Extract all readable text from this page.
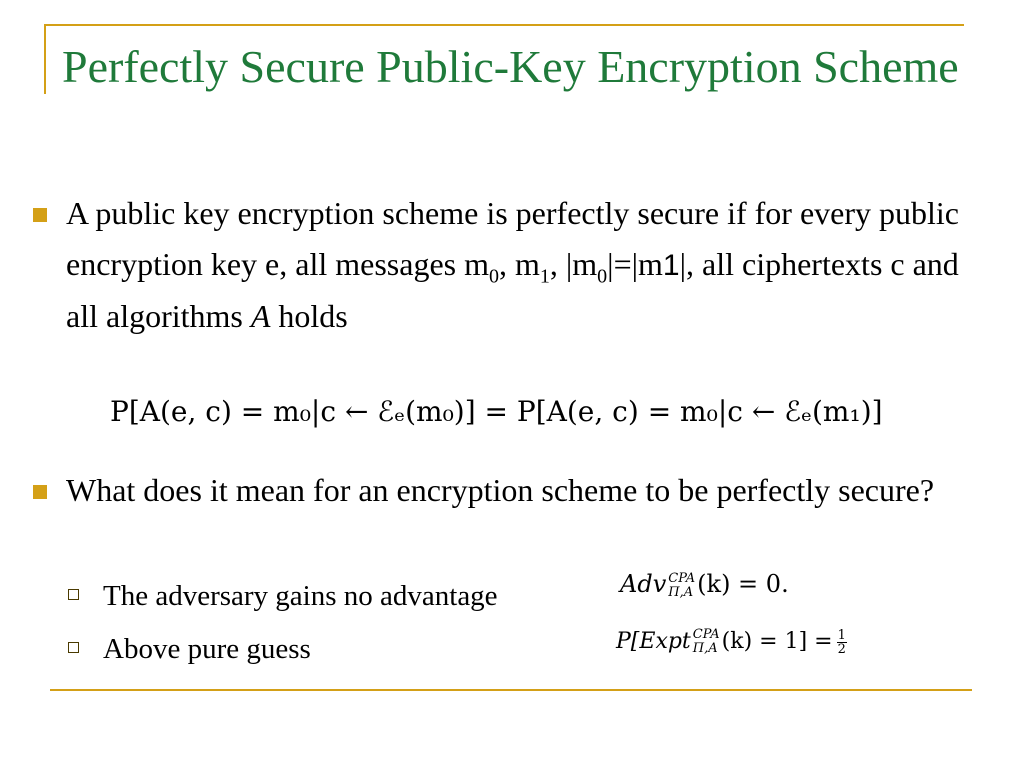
Perfectly Secure Public-Key Encryption Scheme
A public key encryption scheme is perfectly secure if for every public encryption key e, all messages $m_0$, $m_1$, $|m_0|=|m1|$, all ciphertexts c and all algorithms A holds
P[A(e, c) = m₀|c ← ℰₑ(m₀)] = P[A(e, c) = m₀|c ← ℰₑ(m₁)]
What does it mean for an encryption scheme to be perfectly secure?
The adversary gains no advantage
Above pure guess
Adv CPA
Π,A (k) = 0.
P[Expt CPA
Π,A $(k) = 1] = \frac{1}{2}$
